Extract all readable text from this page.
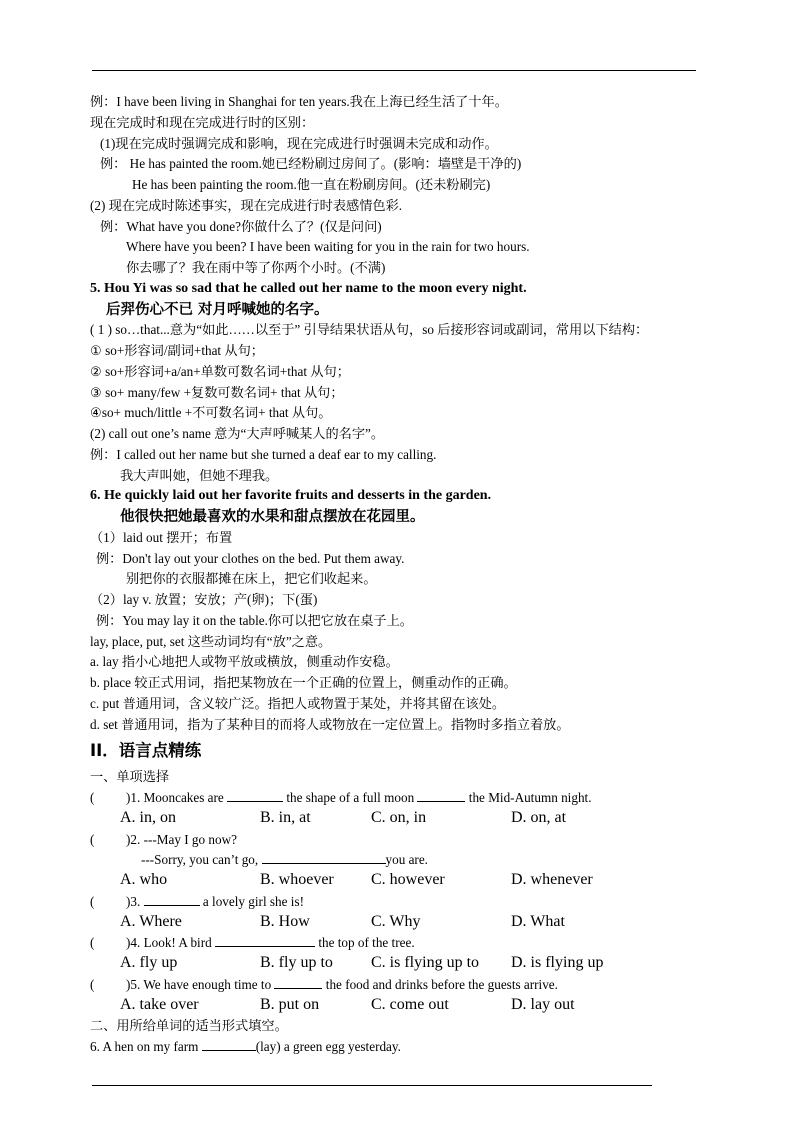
例：I have been living in Shanghai for ten years.我在上海已经生活了十年。
现在完成时和现在完成进行时的区别：
(1)现在完成时强调完成和影响，现在完成进行时强调未完成和动作。
例： He has painted the room.她已经粉刷过房间了。(影响：墙壁是干净的)
He has been painting the room.他一直在粉刷房间。(还未粉刷完)
(2) 现在完成时陈述事实，现在完成进行时表感情色彩.
例：What have you done?你做什么了？(仅是问问)
Where have you been? I have been waiting for you in the rain for two hours.
你去哪了？我在雨中等了你两个小时。(不满)
5. Hou Yi was so sad that he called out her name to the moon every night.
后羿伤心不已 对月呼喊她的名字。
( 1 ) so…that...意为“如此……以至于” 引导结果状语从句，so 后接形容词或副词，常用以下结构：
① so+形容词/副词+that 从句；
② so+形容词+a/an+单数可数名词+that 从句；
③ so+ many/few +复数可数名词+ that 从句；
④so+ much/little +不可数名词+ that 从句。
(2) call out one’s name 意为“大声呼喊某人的名字”。
例：I called out her name but she turned a deaf ear to my calling.
我大声叫她，但她不理我。
6. He quickly laid out her favorite fruits and desserts in the garden.
他很快把她最喜欢的水果和甜点摆放在花园里。
（1）laid out 摆开；布置
例：Don't lay out your clothes on the bed. Put them away.
别把你的衣服都摊在床上，把它们收起来。
（2）lay v. 放置；安放；产(卵)；下(蛋)
例：You may lay it on the table.你可以把它放在桌子上。
lay, place, put, set 这些动词均有“放”之意。
a. lay 指小心地把人或物平放或横放，侧重动作安稳。
b. place 较正式用词，指把某物放在一个正确的位置上，侧重动作的正确。
c. put 普通用词，含义较广泛。指把人或物置于某处，并将其留在该处。
d. set 普通用词，指为了某种目的而将人或物放在一定位置上。指物时多指立着放。
II．语言点精练
一、单项选择
( )1. Mooncakes are	the shape of a full moon	the Mid-Autumn night.
A. in, on	B. in, at	C. on, in	D. on, at
( )2. ---May I go now?
---Sorry, you can’t go,	you are.
A. who	B. whoever C. however	D. whenever
( )3.	a lovely girl she is!
A. Where	B. How	C. Why	D. What
( )4. Look! A bird	the top of the tree.
A. fly up	B. fly up to C. is flying up to D. is flying up
( )5. We have enough time to	the food and drinks before the guests arrive.
A. take over	B. put on	C. come out	D. lay out
二、用所给单词的适当形式填空。
6. A hen on my farm	(lay) a green egg yesterday.
